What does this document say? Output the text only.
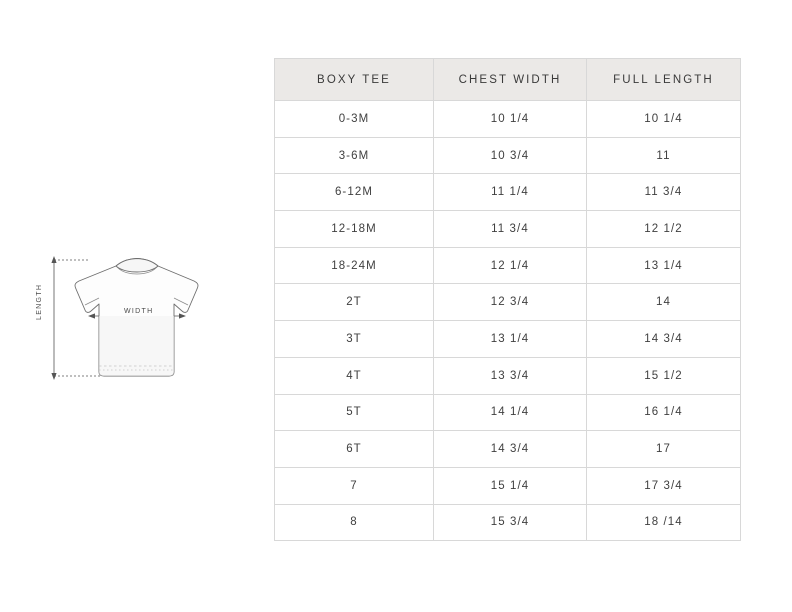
WIDTH
LENGTH
BOXY TEE	CHEST WIDTH	FULL LENGTH
0-3M	10 1/4	10 1/4
3-6M	10 3/4	11
6-12M	11 1/4	11 3/4
12-18M	11 3/4	12 1/2
18-24M	12 1/4	13 1/4
2T	12 3/4	14
3T	13 1/4	14 3/4
4T	13 3/4	15 1/2
5T	14 1/4	16 1/4
6T	14 3/4	17
7	15 1/4	17 3/4
8	15 3/4	18 /14
